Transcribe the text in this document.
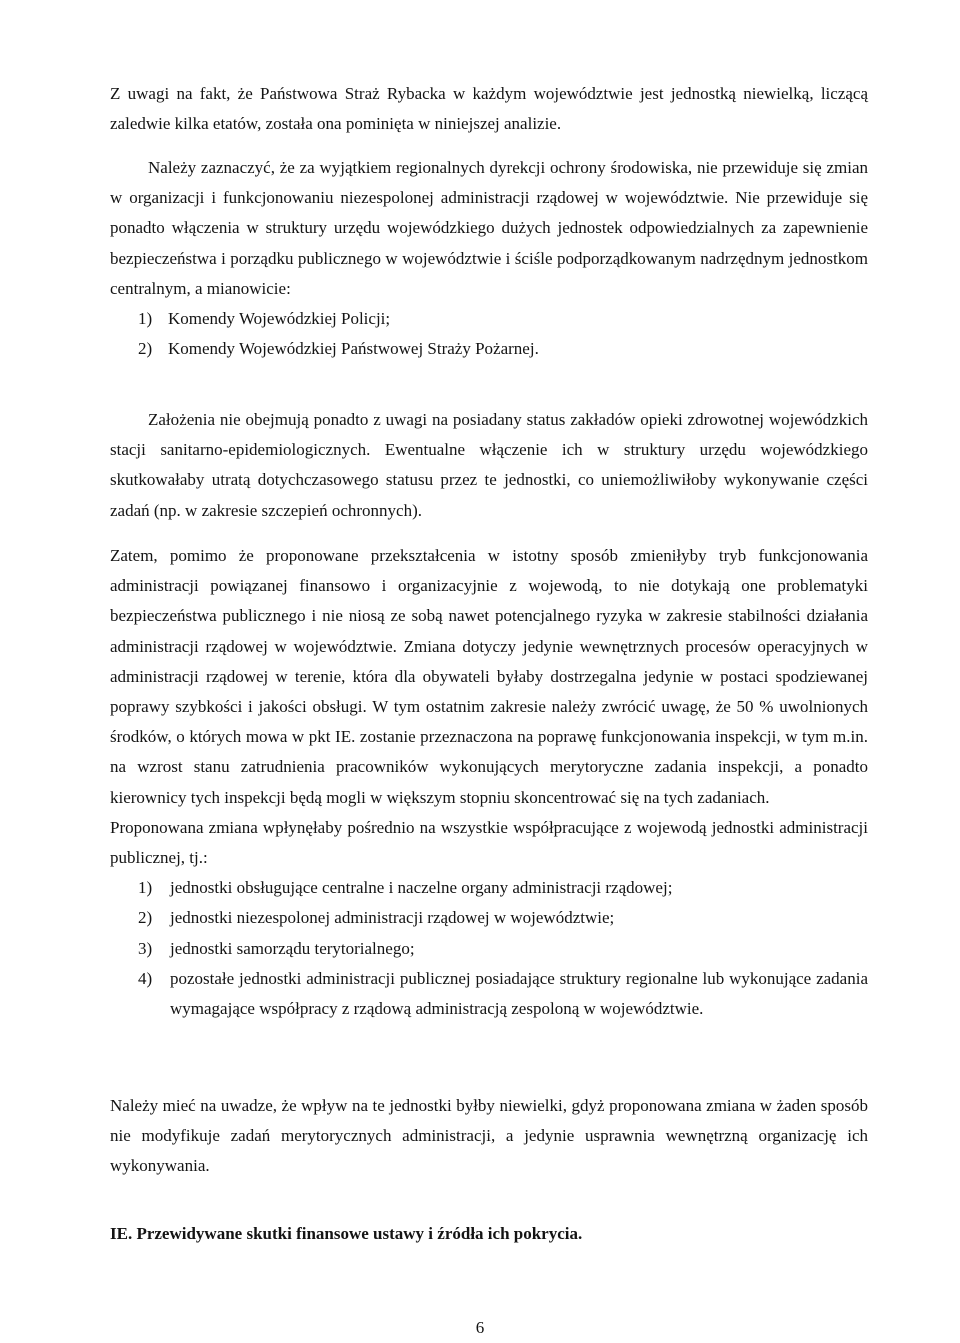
Z uwagi na fakt, że Państwowa Straż Rybacka w każdym województwie jest jednostką niewielką, liczącą zaledwie kilka etatów, została ona pominięta w niniejszej analizie.

Należy zaznaczyć, że za wyjątkiem regionalnych dyrekcji ochrony środowiska, nie przewiduje się zmian w organizacji i funkcjonowaniu niezespolonej administracji rządowej w województwie. Nie przewiduje się ponadto włączenia w struktury urzędu wojewódzkiego dużych jednostek odpowiedzialnych za zapewnienie bezpieczeństwa i porządku publicznego w województwie i ściśle podporządkowanym nadrzędnym jednostkom centralnym, a mianowicie:

1) Komendy Wojewódzkiej Policji;
2) Komendy Wojewódzkiej Państwowej Straży Pożarnej.

Założenia nie obejmują ponadto z uwagi na posiadany status zakładów opieki zdrowotnej wojewódzkich stacji sanitarno-epidemiologicznych. Ewentualne włączenie ich w struktury urzędu wojewódzkiego skutkowałaby utratą dotychczasowego statusu przez te jednostki, co uniemożliwiłoby wykonywanie części zadań (np. w zakresie szczepień ochronnych).

Zatem, pomimo że proponowane przekształcenia w istotny sposób zmieniłyby tryb funkcjonowania administracji powiązanej finansowo i organizacyjnie z wojewodą, to nie dotykają one problematyki bezpieczeństwa publicznego i nie niosą ze sobą nawet potencjalnego ryzyka w zakresie stabilności działania administracji rządowej w województwie. Zmiana dotyczy jedynie wewnętrznych procesów operacyjnych w administracji rządowej w terenie, która dla obywateli byłaby dostrzegalna jedynie w postaci spodziewanej poprawy szybkości i jakości obsługi. W tym ostatnim zakresie należy zwrócić uwagę, że 50 % uwolnionych środków, o których mowa w pkt IE. zostanie przeznaczona na poprawę funkcjonowania inspekcji, w tym m.in. na wzrost stanu zatrudnienia pracowników wykonujących merytoryczne zadania inspekcji, a ponadto kierownicy tych inspekcji będą mogli w większym stopniu skoncentrować się na tych zadaniach.

Proponowana zmiana wpłynęłaby pośrednio na wszystkie współpracujące z wojewodą jednostki administracji publicznej, tj.:

1)	jednostki obsługujące centralne i naczelne organy administracji rządowej;
2)	jednostki niezespolonej administracji rządowej w województwie;
3)	jednostki samorządu terytorialnego;
4)	pozostałe jednostki administracji publicznej posiadające struktury regionalne lub wykonujące zadania wymagające współpracy z rządową administracją zespoloną w województwie.

Należy mieć na uwadze, że wpływ na te jednostki byłby niewielki, gdyż proponowana zmiana w żaden sposób nie modyfikuje zadań merytorycznych administracji, a jedynie usprawnia wewnętrzną organizację ich wykonywania.

IE. Przewidywane skutki finansowe ustawy i źródła ich pokrycia.

6
